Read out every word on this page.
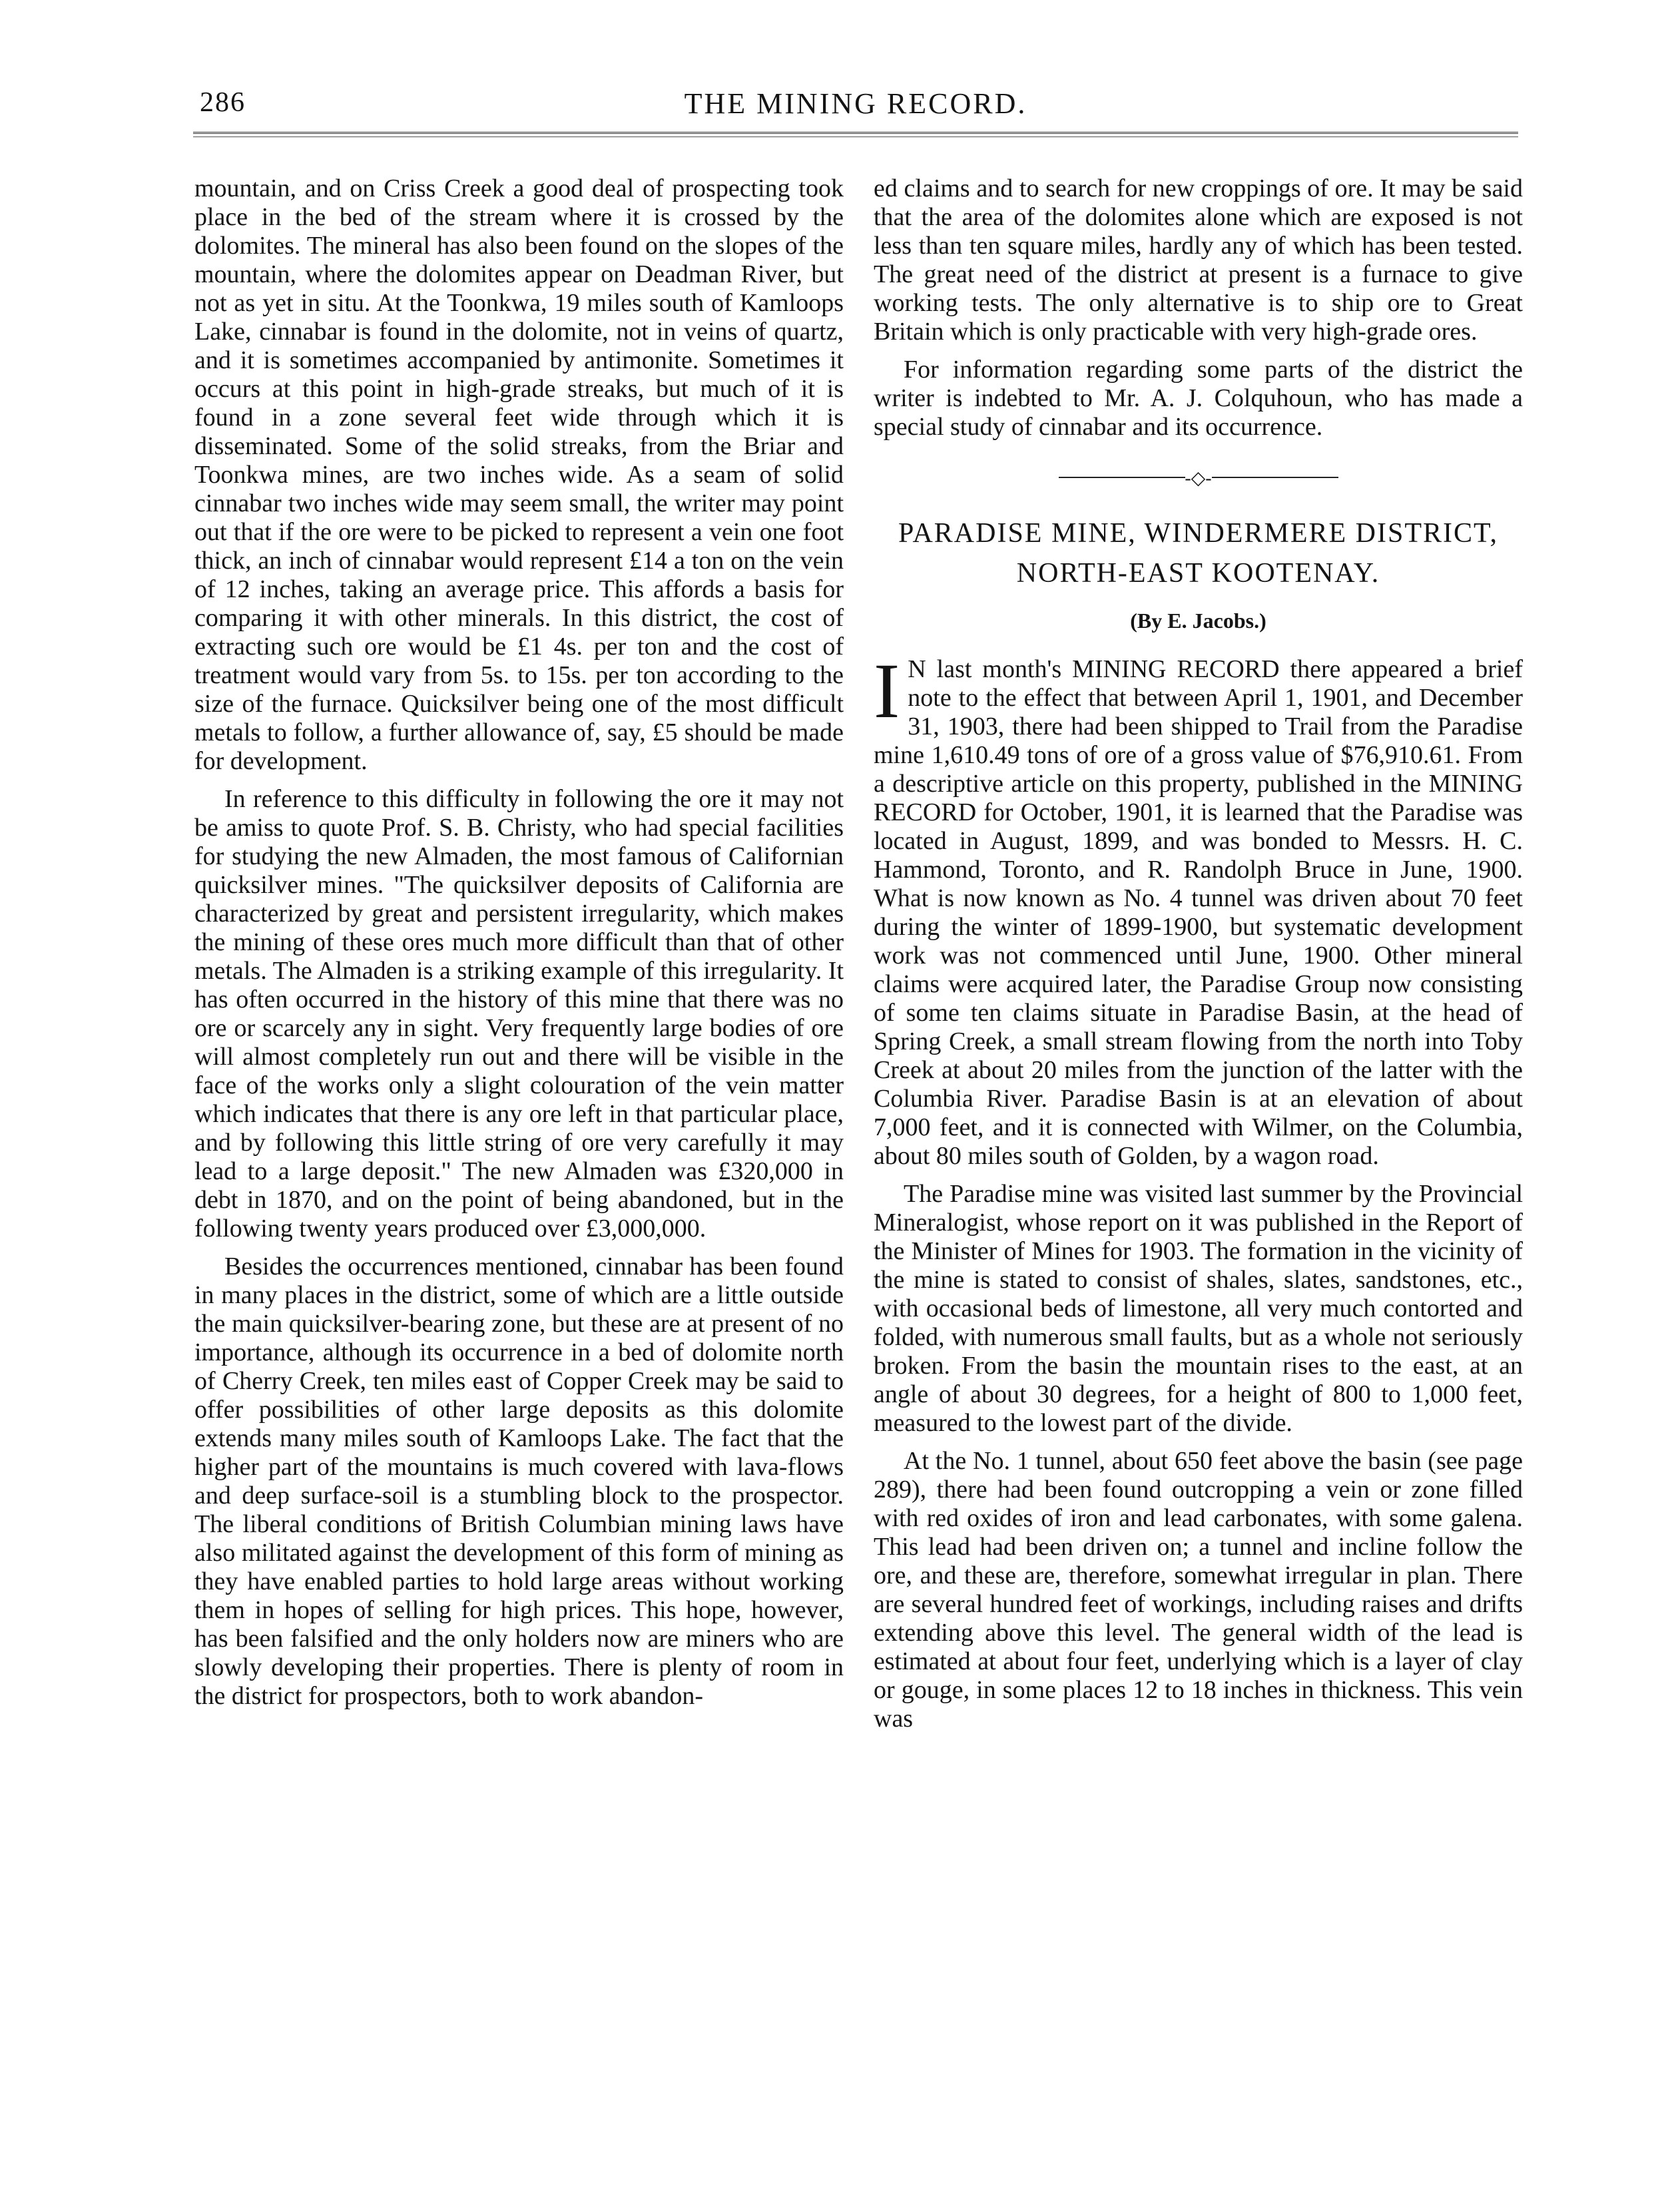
286	THE MINING RECORD.

mountain, and on Criss Creek a good deal of prospecting took place in the bed of the stream where it is crossed by the dolomites. The mineral has also been found on the slopes of the mountain, where the dolomites appear on Deadman River, but not as yet in situ. At the Toonkwa, 19 miles south of Kamloops Lake, cinnabar is found in the dolomite, not in veins of quartz, and it is sometimes accompanied by antimonite. Sometimes it occurs at this point in high-grade streaks, but much of it is found in a zone several feet wide through which it is disseminated. Some of the solid streaks, from the Briar and Toonkwa mines, are two inches wide. As a seam of solid cinnabar two inches wide may seem small, the writer may point out that if the ore were to be picked to represent a vein one foot thick, an inch of cinnabar would represent £14 a ton on the vein of 12 inches, taking an average price. This affords a basis for comparing it with other minerals. In this district, the cost of extracting such ore would be £1 4s. per ton and the cost of treatment would vary from 5s. to 15s. per ton according to the size of the furnace. Quicksilver being one of the most difficult metals to follow, a further allowance of, say, £5 should be made for development.

In reference to this difficulty in following the ore it may not be amiss to quote Prof. S. B. Christy, who had special facilities for studying the new Almaden, the most famous of Californian quicksilver mines. "The quicksilver deposits of California are characterized by great and persistent irregularity, which makes the mining of these ores much more difficult than that of other metals. The Almaden is a striking example of this irregularity. It has often occurred in the history of this mine that there was no ore or scarcely any in sight. Very frequently large bodies of ore will almost completely run out and there will be visible in the face of the works only a slight colouration of the vein matter which indicates that there is any ore left in that particular place, and by following this little string of ore very carefully it may lead to a large deposit." The new Almaden was £320,000 in debt in 1870, and on the point of being abandoned, but in the following twenty years produced over £3,000,000.

Besides the occurrences mentioned, cinnabar has been found in many places in the district, some of which are a little outside the main quicksilver-bearing zone, but these are at present of no importance, although its occurrence in a bed of dolomite north of Cherry Creek, ten miles east of Copper Creek may be said to offer possibilities of other large deposits as this dolomite extends many miles south of Kamloops Lake. The fact that the higher part of the mountains is much covered with lava-flows and deep surface-soil is a stumbling block to the prospector. The liberal conditions of British Columbian mining laws have also militated against the development of this form of mining as they have enabled parties to hold large areas without working them in hopes of selling for high prices. This hope, however, has been falsified and the only holders now are miners who are slowly developing their properties. There is plenty of room in the district for prospectors, both to work abandon-

ed claims and to search for new croppings of ore. It may be said that the area of the dolomites alone which are exposed is not less than ten square miles, hardly any of which has been tested. The great need of the district at present is a furnace to give working tests. The only alternative is to ship ore to Great Britain which is only practicable with very high-grade ores.

For information regarding some parts of the district the writer is indebted to Mr. A. J. Colquhoun, who has made a special study of cinnabar and its occurrence.

-◇-
PARADISE MINE, WINDERMERE DISTRICT,
NORTH-EAST KOOTENAY.
(By E. Jacobs.)

I N last month's MINING RECORD there appeared a brief note to the effect that between April 1, 1901, and December 31, 1903, there had been shipped to Trail from the Paradise mine 1,610.49 tons of ore of a gross value of $76,910.61. From a descriptive article on this property, published in the MINING RECORD for October, 1901, it is learned that the Paradise was located in August, 1899, and was bonded to Messrs. H. C. Hammond, Toronto, and R. Randolph Bruce in June, 1900. What is now known as No. 4 tunnel was driven about 70 feet during the winter of 1899-1900, but systematic development work was not commenced until June, 1900. Other mineral claims were acquired later, the Paradise Group now consisting of some ten claims situate in Paradise Basin, at the head of Spring Creek, a small stream flowing from the north into Toby Creek at about 20 miles from the junction of the latter with the Columbia River. Paradise Basin is at an elevation of about 7,000 feet, and it is connected with Wilmer, on the Columbia, about 80 miles south of Golden, by a wagon road.

The Paradise mine was visited last summer by the Provincial Mineralogist, whose report on it was published in the Report of the Minister of Mines for 1903. The formation in the vicinity of the mine is stated to consist of shales, slates, sandstones, etc., with occasional beds of limestone, all very much contorted and folded, with numerous small faults, but as a whole not seriously broken. From the basin the mountain rises to the east, at an angle of about 30 degrees, for a height of 800 to 1,000 feet, measured to the lowest part of the divide.

At the No. 1 tunnel, about 650 feet above the basin (see page 289), there had been found outcropping a vein or zone filled with red oxides of iron and lead carbonates, with some galena. This lead had been driven on; a tunnel and incline follow the ore, and these are, therefore, somewhat irregular in plan. There are several hundred feet of workings, including raises and drifts extending above this level. The general width of the lead is estimated at about four feet, underlying which is a layer of clay or gouge, in some places 12 to 18 inches in thickness. This vein was
